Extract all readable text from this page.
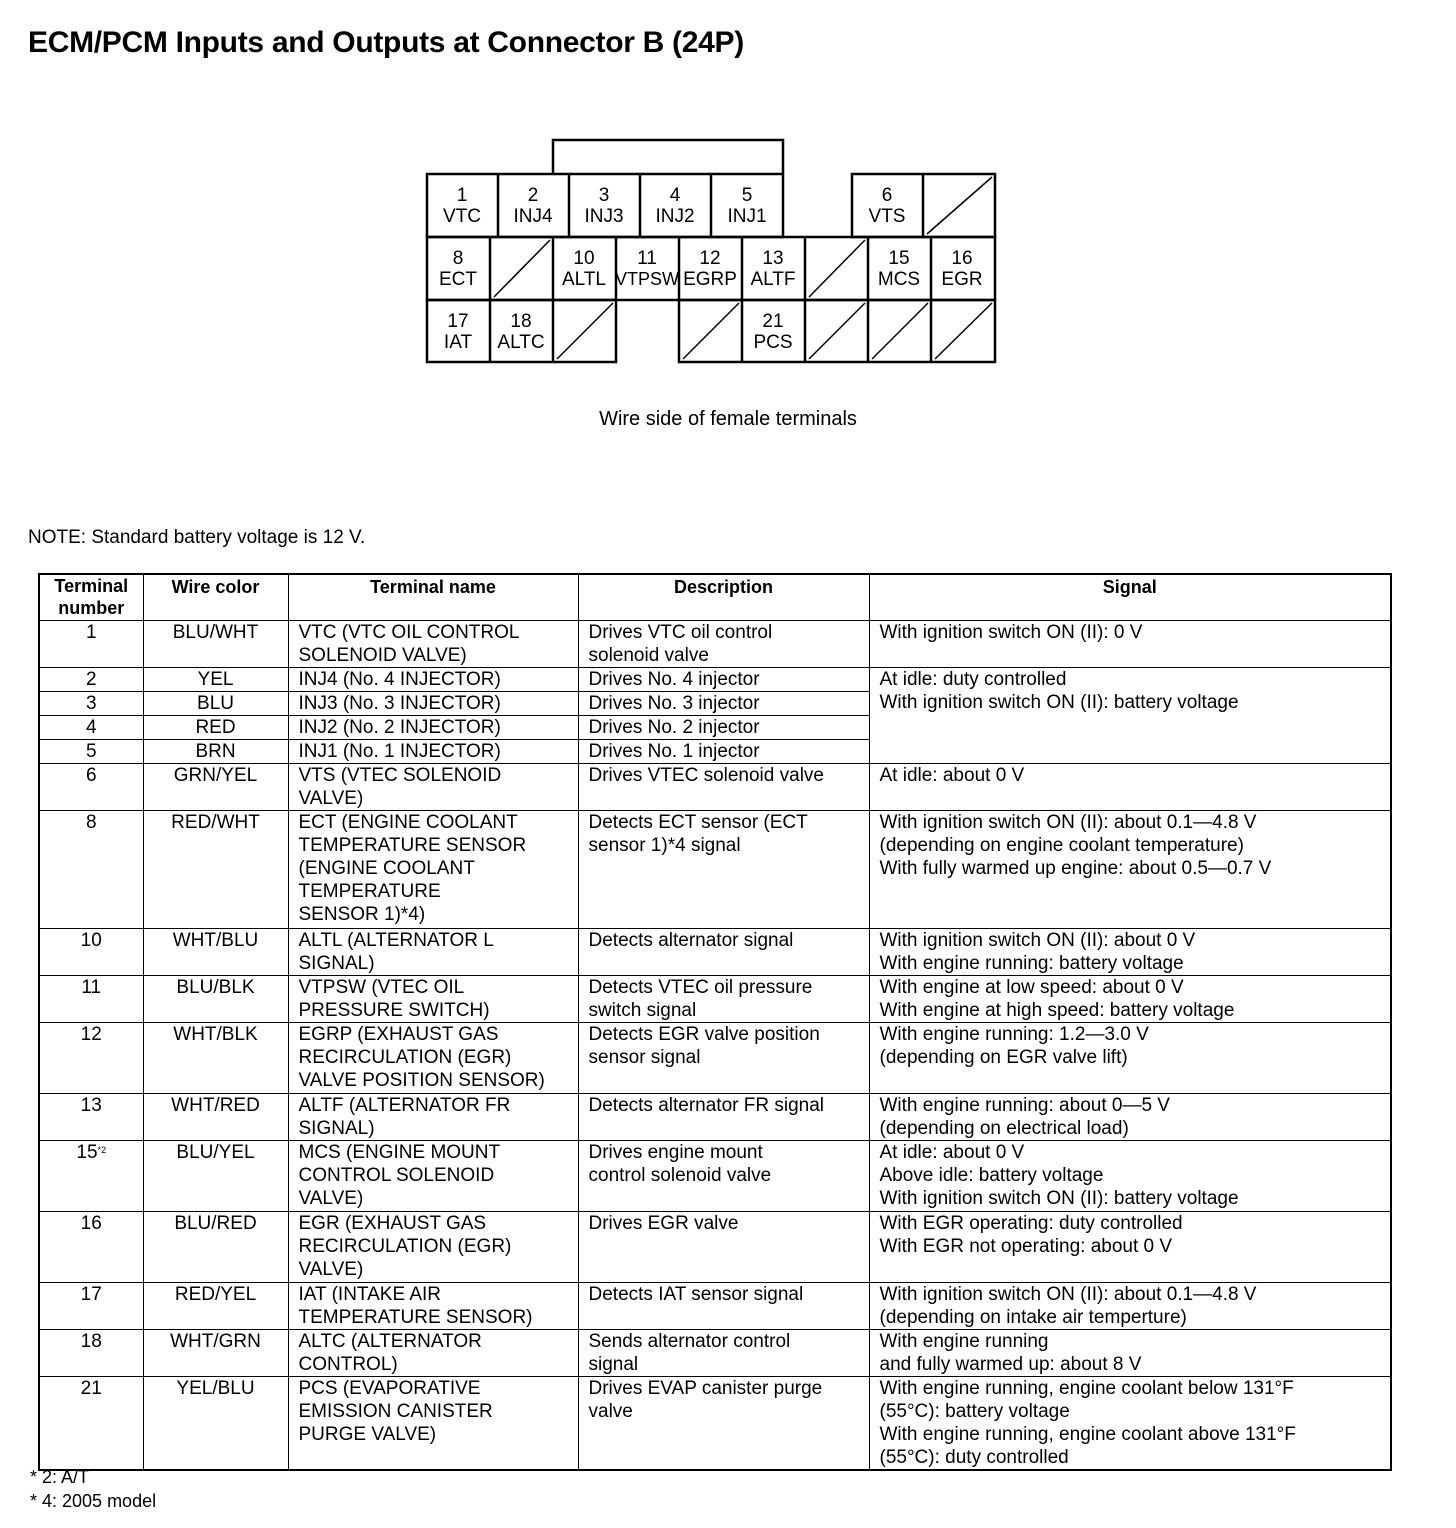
ECM/PCM Inputs and Outputs at Connector B (24P)
1
VTC
2
INJ4
3
INJ3
4
INJ2
5
INJ1
6
VTS
8
ECT
10
ALTL
11
VTPSW
12
EGRP
13
ALTF
15
MCS
16
EGR
17
IAT
18
ALTC
21
PCS
Wire side of female terminals
NOTE: Standard battery voltage is 12 V.
Terminal
number	Wire color	Terminal name	Description	Signal
1	BLU/WHT	VTC (VTC OIL CONTROL
SOLENOID VALVE)	Drives VTC oil control
solenoid valve	With ignition switch ON (II): 0 V
2	YEL	INJ4 (No. 4 INJECTOR)	Drives No. 4 injector	At idle: duty controlled
With ignition switch ON (II): battery voltage
3	BLU	INJ3 (No. 3 INJECTOR)	Drives No. 3 injector	
4	RED	INJ2 (No. 2 INJECTOR)	Drives No. 2 injector	
5	BRN	INJ1 (No. 1 INJECTOR)	Drives No. 1 injector	
6	GRN/YEL	VTS (VTEC SOLENOID
VALVE)	Drives VTEC solenoid valve	At idle: about 0 V
8	RED/WHT	ECT (ENGINE COOLANT
TEMPERATURE SENSOR
(ENGINE COOLANT
TEMPERATURE
SENSOR 1)*4)	Detects ECT sensor (ECT
sensor 1)*4 signal	With ignition switch ON (II): about 0.1—4.8 V
(depending on engine coolant temperature)
With fully warmed up engine: about 0.5—0.7 V
10	WHT/BLU	ALTL (ALTERNATOR L
SIGNAL)	Detects alternator signal	With ignition switch ON (II): about 0 V
With engine running: battery voltage
11	BLU/BLK	VTPSW (VTEC OIL
PRESSURE SWITCH)	Detects VTEC oil pressure
switch signal	With engine at low speed: about 0 V
With engine at high speed: battery voltage
12	WHT/BLK	EGRP (EXHAUST GAS
RECIRCULATION (EGR)
VALVE POSITION SENSOR)	Detects EGR valve position
sensor signal	With engine running: 1.2—3.0 V
(depending on EGR valve lift)
13	WHT/RED	ALTF (ALTERNATOR FR
SIGNAL)	Detects alternator FR signal	With engine running: about 0—5 V
(depending on electrical load)
15$^{*2}$	BLU/YEL	MCS (ENGINE MOUNT
CONTROL SOLENOID
VALVE)	Drives engine mount
control solenoid valve	At idle: about 0 V
Above idle: battery voltage
With ignition switch ON (II): battery voltage
16	BLU/RED	EGR (EXHAUST GAS
RECIRCULATION (EGR)
VALVE)	Drives EGR valve	With EGR operating: duty controlled
With EGR not operating: about 0 V
17	RED/YEL	IAT (INTAKE AIR
TEMPERATURE SENSOR)	Detects IAT sensor signal	With ignition switch ON (II): about 0.1—4.8 V
(depending on intake air temperture)
18	WHT/GRN	ALTC (ALTERNATOR
CONTROL)	Sends alternator control
signal	With engine running
and fully warmed up: about 8 V
21	YEL/BLU	PCS (EVAPORATIVE
EMISSION CANISTER
PURGE VALVE)	Drives EVAP canister purge
valve	With engine running, engine coolant below 131°F
(55°C): battery voltage
With engine running, engine coolant above 131°F
(55°C): duty controlled
* 2: A/T
* 4: 2005 model
